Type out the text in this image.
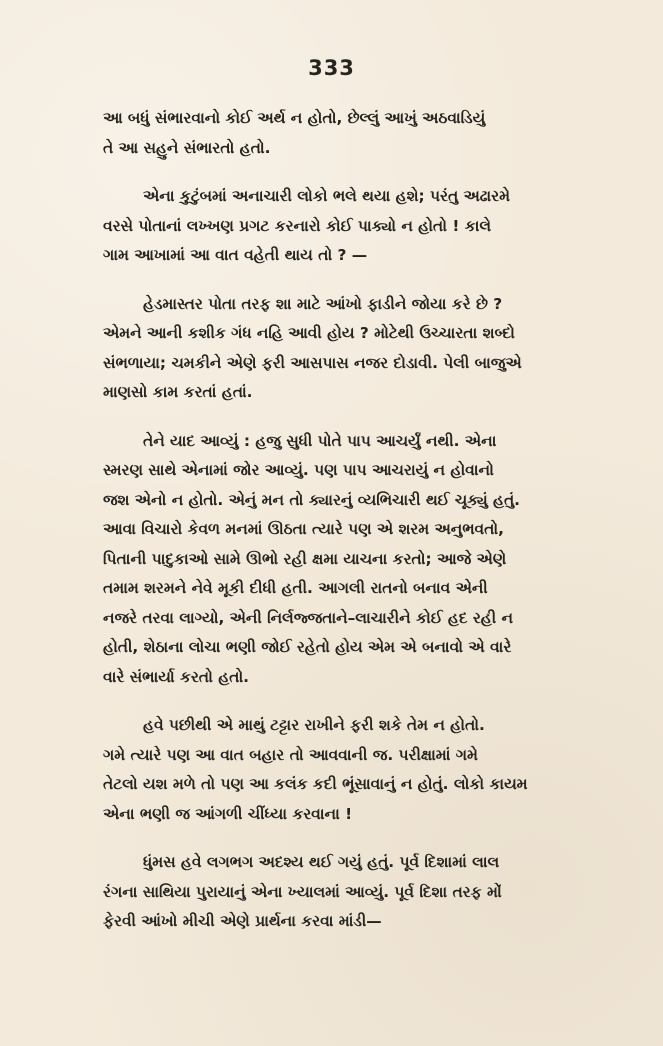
333

આ બધું સંભારવાનો કોઈ અર્થ ન હોતો, છેલ્લું આખું અઠવાડિયું
તે આ સહુને સંભારતો હતો.

એના કુટુંબમાં અનાચારી લોકો ભલે થયા હશે; પરંતુ અઢારમે
વરસે પોતાનાં લખ્ખણ પ્રગટ કરનારો કોઈ પાક્યો ન હોતો ! કાલે
ગામ આખામાં આ વાત વહેતી થાય તો ? —

હેડમાસ્તર પોતા તરફ શા માટે આંખો ફાડીને જોયા કરે છે ?
એમને આની કશીક ગંધ નહિ આવી હોય ? મોટેથી ઉચ્ચારતા શબ્દો
સંભળાયા; ચમકીને એણે ફરી આસપાસ નજર દોડાવી. પેલી બાજુએ
માણસો કામ કરતાં હતાં.

તેને યાદ આવ્યું : હજુ સુધી પોતે પાપ આચર્યું નથી. એના
સ્મરણ સાથે એનામાં જોર આવ્યું. પણ પાપ આચરાયું ન હોવાનો
જશ એનો ન હોતો. એનું મન તો ક્યારનું વ્યભિચારી થઈ ચૂક્યું હતું.
આવા વિચારો કેવળ મનમાં ઊઠતા ત્યારે પણ એ શરમ અનુભવતો,
પિતાની પાદુકાઓ સામે ઊભો રહી ક્ષમા યાચના કરતો; આજે એણે
તમામ શરમને નેવે મૂકી દીધી હતી. આગલી રાતનો બનાવ એની
નજરે તરવા લાગ્યો, એની નિર્લજ્જતાને–લાચારીને કોઈ હદ રહી ન
હોતી, શેઠાના લોચા ભણી જોઈ રહેતો હોય એમ એ બનાવો એ વારે
વારે સંભાર્યા કરતો હતો.

હવે પછીથી એ માથું ટટ્ટાર રાખીને ફરી શકે તેમ ન હોતો.
ગમે ત્યારે પણ આ વાત બહાર તો આવવાની જ. પરીક્ષામાં ગમે
તેટલો યશ મળે તો પણ આ કલંક કદી ભૂંસાવાનું ન હોતું. લોકો કાયમ
એના ભણી જ આંગળી ચીંધ્યા કરવાના !

ધુંમસ હવે લગભગ અદશ્ય થઈ ગયું હતું. પૂર્વ દિશામાં લાલ
રંગના સાથિયા પુરાયાનું એના ખ્યાલમાં આવ્યું. પૂર્વ દિશા તરફ મોં
ફેરવી આંખો મીચી એણે પ્રાર્થના કરવા માંડી—
